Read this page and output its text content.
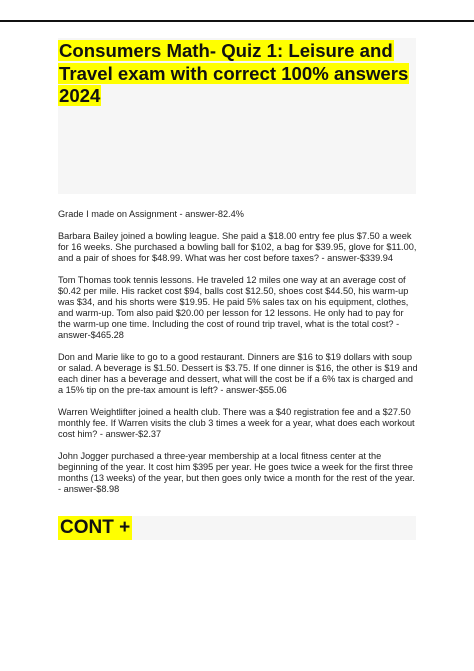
Consumers Math- Quiz 1: Leisure and Travel exam with correct 100% answers 2024

Grade I made on Assignment - answer-82.4%

Barbara Bailey joined a bowling league. She paid a $18.00 entry fee plus $7.50 a week for 16 weeks. She purchased a bowling ball for $102, a bag for $39.95, glove for $11.00, and a pair of shoes for $48.99. What was her cost before taxes? - answer-$339.94

Tom Thomas took tennis lessons. He traveled 12 miles one way at an average cost of $0.42 per mile. His racket cost $94, balls cost $12.50, shoes cost $44.50, his warm-up was $34, and his shorts were $19.95. He paid 5% sales tax on his equipment, clothes, and warm-up. Tom also paid $20.00 per lesson for 12 lessons. He only had to pay for the warm-up one time. Including the cost of round trip travel, what is the total cost? - answer-$465.28

Don and Marie like to go to a good restaurant. Dinners are $16 to $19 dollars with soup or salad. A beverage is $1.50. Dessert is $3.75. If one dinner is $16, the other is $19 and each diner has a beverage and dessert, what will the cost be if a 6% tax is charged and a 15% tip on the pre-tax amount is left? - answer-$55.06

Warren Weightlifter joined a health club. There was a $40 registration fee and a $27.50 monthly fee. If Warren visits the club 3 times a week for a year, what does each workout cost him? - answer-$2.37

John Jogger purchased a three-year membership at a local fitness center at the beginning of the year. It cost him $395 per year. He goes twice a week for the first three months (13 weeks) of the year, but then goes only twice a month for the rest of the year. - answer-$8.98

CONT +
